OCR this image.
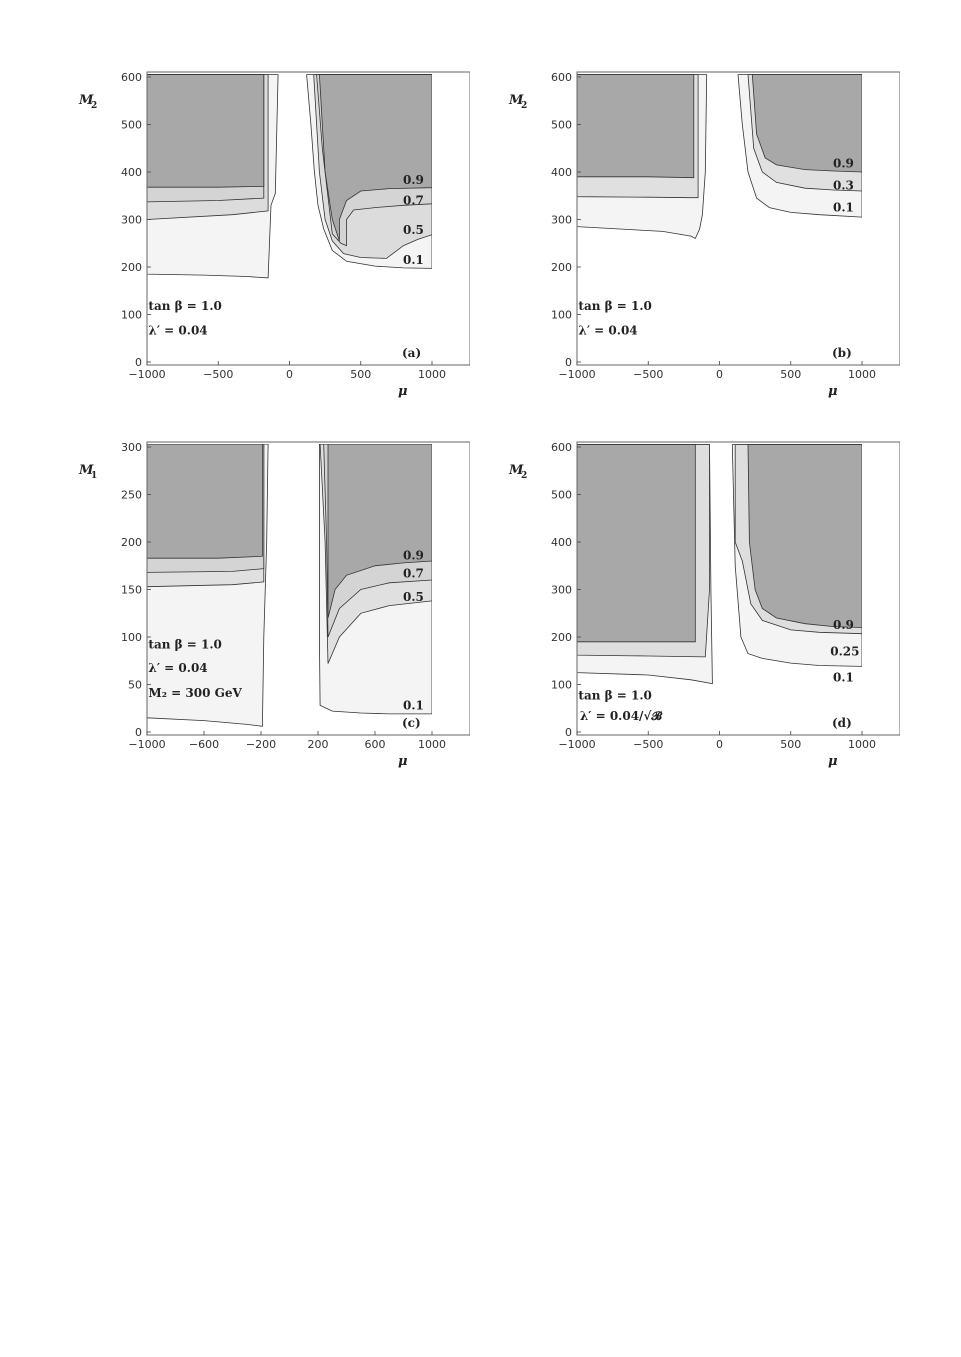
−1000	−500	0	500	1000
0
100
200
300
400
500
600
μ
M
2
tan β = 1.0
λ′ = 0.04
0.9
0.7
0.5
0.1
(a)
−1000	−500	0	500	1000
0
100
200
300
400
500
600
μ
M
2
tan β = 1.0
λ′ = 0.04
0.9
0.3
0.1
(b)
−1000 −600 −200	200	600	1000
0
50
100
150
200
250
300
μ
M
1
tan β = 1.0
λ′ = 0.04
M₂ = 300 GeV
0.9
0.7
0.5
0.1
(c)
−1000	−500	0	500	1000
0
100
200
300
400
500
600
μ
M
2
tan β = 1.0
λ′ = 0.04/√𝓑
0.9
0.25
0.1
(d)
